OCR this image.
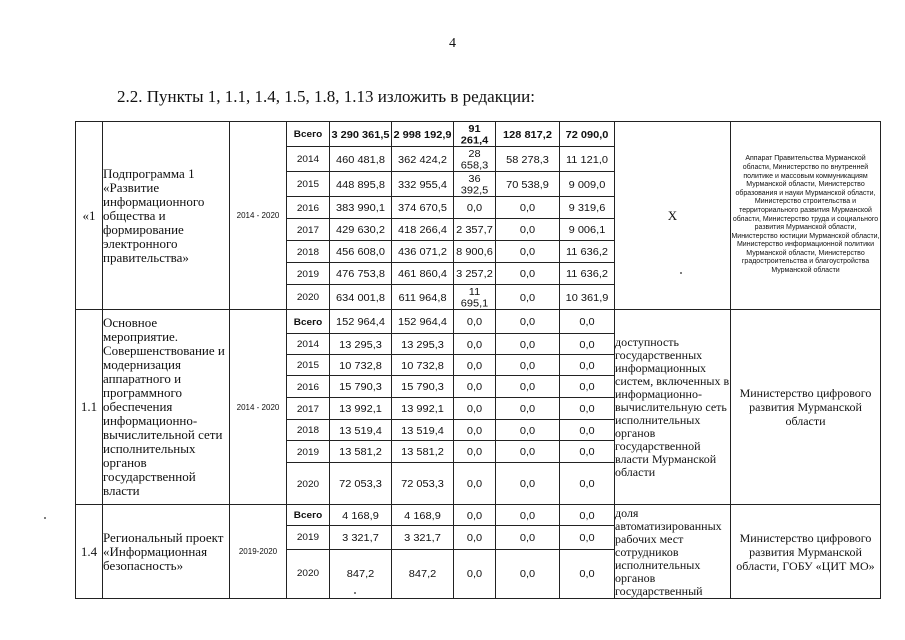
4
2.2. Пункты 1, 1.1, 1.4, 1.5, 1.8, 1.13 изложить в редакции:
«1	Подпрограмма 1 «Развитие информационного общества и формирование электронного правительства»	2014 - 2020	Всего	3 290 361,5	2 998 192,9	91 261,4	128 817,2	72 090,0	X	Аппарат Правительства Мурманской области, Министерство по внутренней политике и массовым коммуникациям Мурманской области, Министерство образования и науки Мурманской области, Министерство строительства и территориального развития Мурманской области, Министерство труда и социального развития Мурманской области, Министерство юстиции Мурманской области, Министерство информационной политики Мурманской области, Министерство градостроительства и благоустройства Мурманской области
			2014	460 481,8	362 424,2	28 658,3	58 278,3	11 121,0		
			2015	448 895,8	332 955,4	36 392,5	70 538,9	9 009,0		
			2016	383 990,1	374 670,5	0,0	0,0	9 319,6		
			2017	429 630,2	418 266,4	2 357,7	0,0	9 006,1		
			2018	456 608,0	436 071,2	8 900,6	0,0	11 636,2		
			2019	476 753,8	461 860,4	3 257,2	0,0	11 636,2		
			2020	634 001,8	611 964,8	11 695,1	0,0	10 361,9		
1.1	Основное мероприятие. Совершенствование и модернизация аппаратного и программного обеспечения информационно-вычислительной сети исполнительных органов государственной власти	2014 - 2020	Всего	152 964,4	152 964,4	0,0	0,0	0,0	доступность государственных информационных систем, включенных в информационно-вычислительную сеть исполнительных органов государственной власти Мурманской области	Министерство цифрового развития Мурманской области
			2014	13 295,3	13 295,3	0,0	0,0	0,0		
			2015	10 732,8	10 732,8	0,0	0,0	0,0		
			2016	15 790,3	15 790,3	0,0	0,0	0,0		
			2017	13 992,1	13 992,1	0,0	0,0	0,0		
			2018	13 519,4	13 519,4	0,0	0,0	0,0		
			2019	13 581,2	13 581,2	0,0	0,0	0,0		
			2020	72 053,3	72 053,3	0,0	0,0	0,0		
1.4	Региональный проект «Информационная безопасность»	2019-2020	Всего	4 168,9	4 168,9	0,0	0,0	0,0	доля автоматизированных рабочих мест сотрудников исполнительных органов государственный	Министерство цифрового развития Мурманской области, ГОБУ «ЦИТ МО»
			2019	3 321,7	3 321,7	0,0	0,0	0,0		
			2020	847,2	847,2	0,0	0,0	0,0		
